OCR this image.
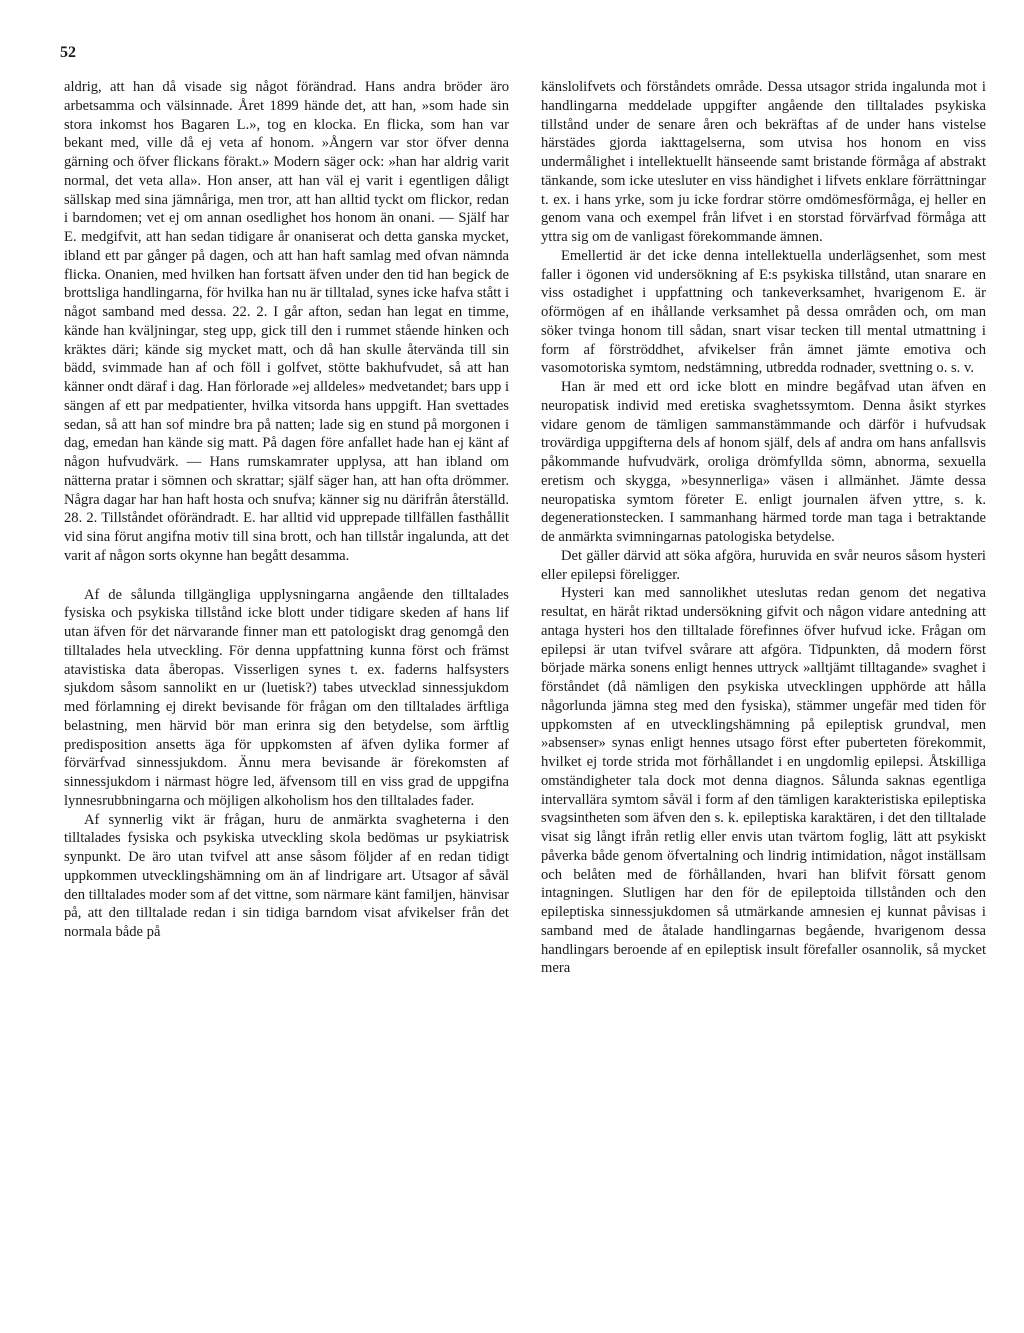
52

aldrig, att han då visade sig något förändrad. Hans andra bröder äro arbetsamma och välsinnade. Året 1899 hände det, att han, »som hade sin stora inkomst hos Bagaren L.», tog en klocka. En flicka, som han var bekant med, ville då ej veta af honom. »Ångern var stor öfver denna gärning och öfver flickans förakt.» Modern säger ock: »han har aldrig varit normal, det veta alla». Hon anser, att han väl ej varit i egentligen dåligt sällskap med sina jämnåriga, men tror, att han alltid tyckt om flickor, redan i barndomen; vet ej om annan osedlighet hos honom än onani. — Själf har E. medgifvit, att han sedan tidigare år onaniserat och detta ganska mycket, ibland ett par gånger på dagen, och att han haft samlag med ofvan nämnda flicka. Onanien, med hvilken han fortsatt äfven under den tid han begick de brottsliga handlingarna, för hvilka han nu är tilltalad, synes icke hafva stått i något samband med dessa. 22. 2. I går afton, sedan han legat en timme, kände han kväljningar, steg upp, gick till den i rummet stående hinken och kräktes däri; kände sig mycket matt, och då han skulle återvända till sin bädd, svimmade han af och föll i golfvet, stötte bakhufvudet, så att han känner ondt däraf i dag. Han förlorade »ej alldeles» medvetandet; bars upp i sängen af ett par medpatienter, hvilka vitsorda hans uppgift. Han svettades sedan, så att han sof mindre bra på natten; lade sig en stund på morgonen i dag, emedan han kände sig matt. På dagen före anfallet hade han ej känt af någon hufvudvärk. — Hans rumskamrater upplysa, att han ibland om nätterna pratar i sömnen och skrattar; själf säger han, att han ofta drömmer. Några dagar har han haft hosta och snufva; känner sig nu därifrån återställd. 28. 2. Tillståndet oförändradt. E. har alltid vid upprepade tillfällen fasthållit vid sina förut angifna motiv till sina brott, och han tillstår ingalunda, att det varit af någon sorts okynne han begått desamma.

Af de sålunda tillgängliga upplysningarna angående den tilltalades fysiska och psykiska tillstånd icke blott under tidigare skeden af hans lif utan äfven för det närvarande finner man ett patologiskt drag genomgå den tilltalades hela utveckling. För denna uppfattning kunna först och främst atavistiska data åberopas. Visserligen synes t. ex. faderns halfsysters sjukdom såsom sannolikt en ur (luetisk?) tabes utvecklad sinnessjukdom med förlamning ej direkt bevisande för frågan om den tilltalades ärftliga belastning, men härvid bör man erinra sig den betydelse, som ärftlig predisposition ansetts äga för uppkomsten af äfven dylika former af förvärfvad sinnessjukdom. Ännu mera bevisande är förekomsten af sinnessjukdom i närmast högre led, äfvensom till en viss grad de uppgifna lynnesrubbningarna och möjligen alkoholism hos den tilltalades fader.

Af synnerlig vikt är frågan, huru de anmärkta svagheterna i den tilltalades fysiska och psykiska utveckling skola bedömas ur psykiatrisk synpunkt. De äro utan tvifvel att anse såsom följder af en redan tidigt uppkommen utvecklingshämning om än af lindrigare art. Utsagor af såväl den tilltalades moder som af det vittne, som närmare känt familjen, hänvisar på, att den tilltalade redan i sin tidiga barndom visat afvikelser från det normala både på

känslolifvets och förståndets område. Dessa utsagor strida ingalunda mot i handlingarna meddelade uppgifter angående den tilltalades psykiska tillstånd under de senare åren och bekräftas af de under hans vistelse härstädes gjorda iakttagelserna, som utvisa hos honom en viss undermålighet i intellektuellt hänseende samt bristande förmåga af abstrakt tänkande, som icke utesluter en viss händighet i lifvets enklare förrättningar t. ex. i hans yrke, som ju icke fordrar större omdömesförmåga, ej heller en genom vana och exempel från lifvet i en storstad förvärfvad förmåga att yttra sig om de vanligast förekommande ämnen.

Emellertid är det icke denna intellektuella underlägsenhet, som mest faller i ögonen vid undersökning af E:s psykiska tillstånd, utan snarare en viss ostadighet i uppfattning och tankeverksamhet, hvarigenom E. är oförmögen af en ihållande verksamhet på dessa områden och, om man söker tvinga honom till sådan, snart visar tecken till mental utmattning i form af förströddhet, afvikelser från ämnet jämte emotiva och vasomotoriska symtom, nedstämning, utbredda rodnader, svettning o. s. v.

Han är med ett ord icke blott en mindre begåfvad utan äfven en neuropatisk individ med eretiska svaghetssymtom. Denna åsikt styrkes vidare genom de tämligen sammanstämmande och därför i hufvudsak trovärdiga uppgifterna dels af honom själf, dels af andra om hans anfallsvis påkommande hufvudvärk, oroliga drömfyllda sömn, abnorma, sexuella eretism och skygga, »besynnerliga» väsen i allmänhet. Jämte dessa neuropatiska symtom företer E. enligt journalen äfven yttre, s. k. degenerationstecken. I sammanhang härmed torde man taga i betraktande de anmärkta svimningarnas patologiska betydelse.

Det gäller därvid att söka afgöra, huruvida en svår neuros såsom hysteri eller epilepsi föreligger.

Hysteri kan med sannolikhet uteslutas redan genom det negativa resultat, en häråt riktad undersökning gifvit och någon vidare antedning att antaga hysteri hos den tilltalade förefinnes öfver hufvud icke. Frågan om epilepsi är utan tvifvel svårare att afgöra. Tidpunkten, då modern först började märka sonens enligt hennes uttryck »alltjämt tilltagande» svaghet i förståndet (då nämligen den psykiska utvecklingen upphörde att hålla någorlunda jämna steg med den fysiska), stämmer ungefär med tiden för uppkomsten af en utvecklingshämning på epileptisk grundval, men »absenser» synas enligt hennes utsago först efter puberteten förekommit, hvilket ej torde strida mot förhållandet i en ungdomlig epilepsi. Åtskilliga omständigheter tala dock mot denna diagnos. Sålunda saknas egentliga intervallära symtom såväl i form af den tämligen karakteristiska epileptiska svagsintheten som äfven den s. k. epileptiska karaktären, i det den tilltalade visat sig långt ifrån retlig eller envis utan tvärtom foglig, lätt att psykiskt påverka både genom öfvertalning och lindrig intimidation, något inställsam och belåten med de förhållanden, hvari han blifvit försatt genom intagningen. Slutligen har den för de epileptoida tillstånden och den epileptiska sinnessjukdomen så utmärkande amnesien ej kunnat påvisas i samband med de åtalade handlingarnas begående, hvarigenom dessa handlingars beroende af en epileptisk insult förefaller osannolik, så mycket mera
